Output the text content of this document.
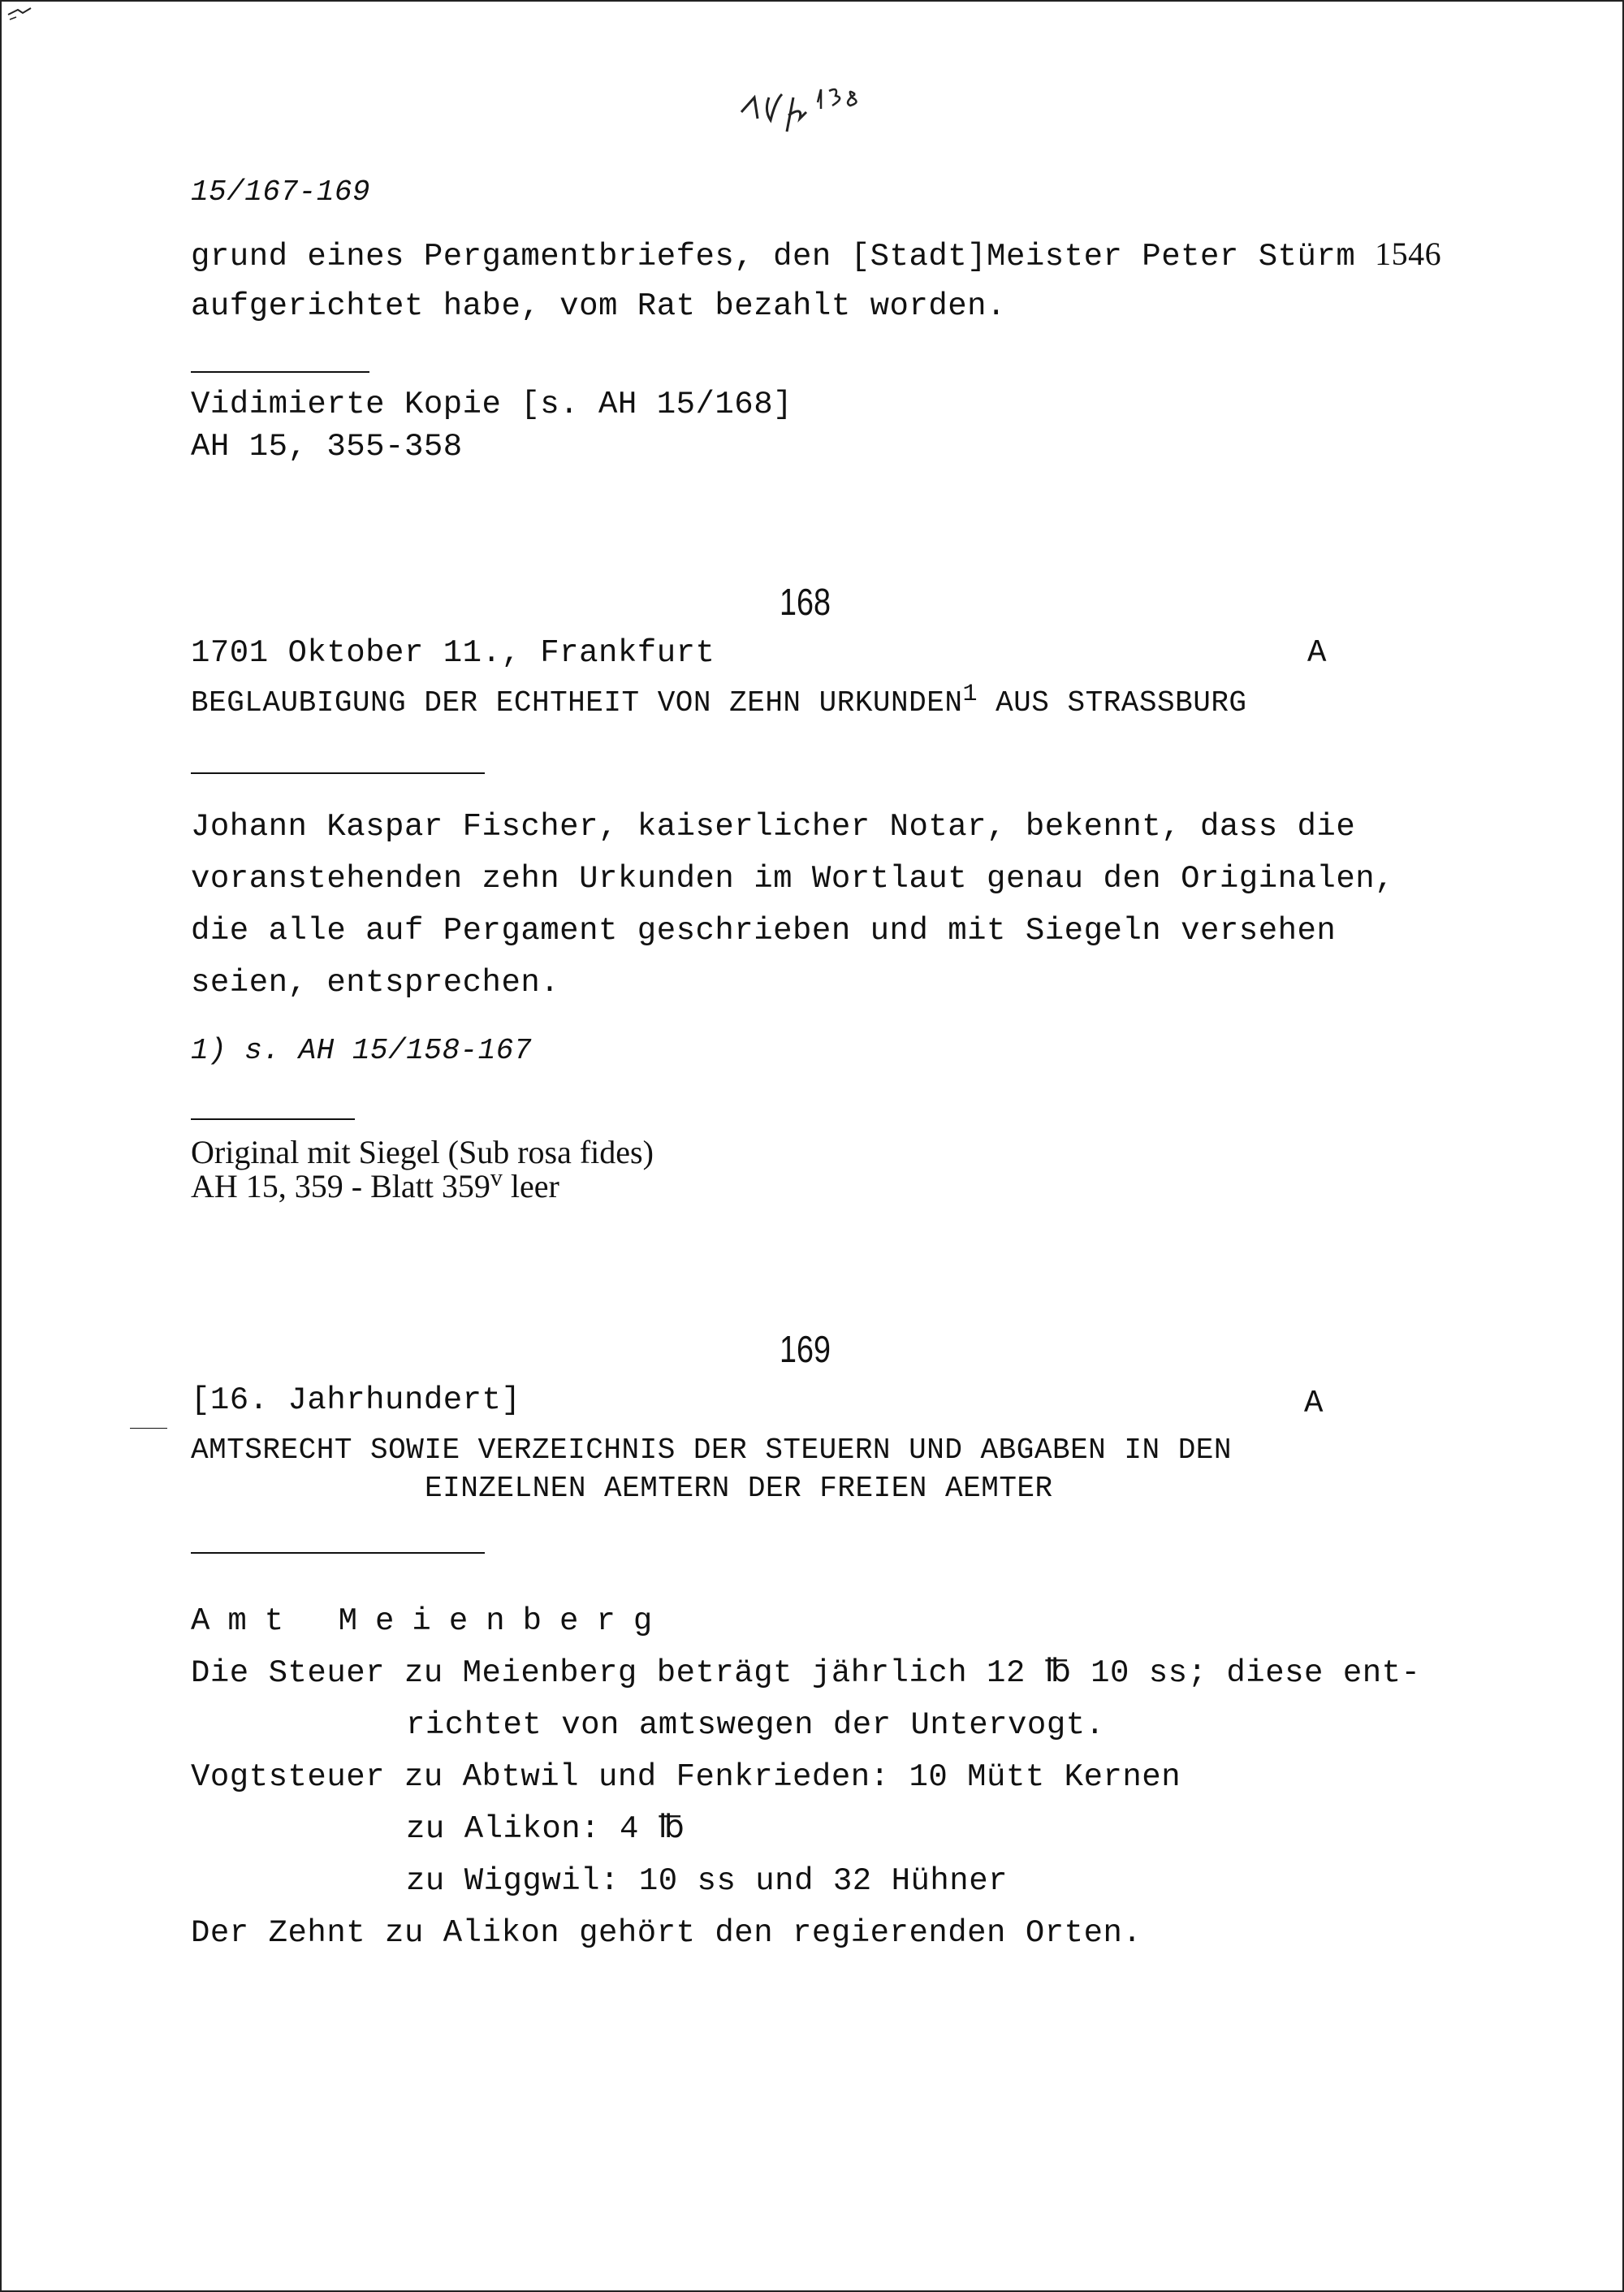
15/167-169
grund eines Pergamentbriefes, den [Stadt]Meister Peter Stürm 1546
aufgerichtet habe, vom Rat bezahlt worden.
Vidimierte Kopie [s. AH 15/168]
AH 15, 355-358
168
1701 Oktober 11., Frankfurt	A
BEGLAUBIGUNG DER ECHTHEIT VON ZEHN URKUNDEN$^1$ AUS STRASSBURG
Johann Kaspar Fischer, kaiserlicher Notar, bekennt, dass die
voranstehenden zehn Urkunden im Wortlaut genau den Originalen,
die alle auf Pergament geschrieben und mit Siegeln versehen
seien, entsprechen.
1) s. AH 15/158-167
Original mit Siegel (Sub rosa fides)
AH 15, 359 - Blatt 359$^v$ leer
169
[16. Jahrhundert]	A
AMTSRECHT SOWIE VERZEICHNIS DER STEUERN UND ABGABEN IN DEN
EINZELNEN AEMTERN DER FREIEN AEMTER
Amt Meienberg
Die Steuer zu Meienberg beträgt jährlich 12 ℔ 10 ss; diese ent-
richtet von amtswegen der Untervogt.
Vogtsteuer zu Abtwil und Fenkrieden: 10 Mütt Kernen
zu Alikon: 4 ℔
zu Wiggwil: 10 ss und 32 Hühner
Der Zehnt zu Alikon gehört den regierenden Orten.
